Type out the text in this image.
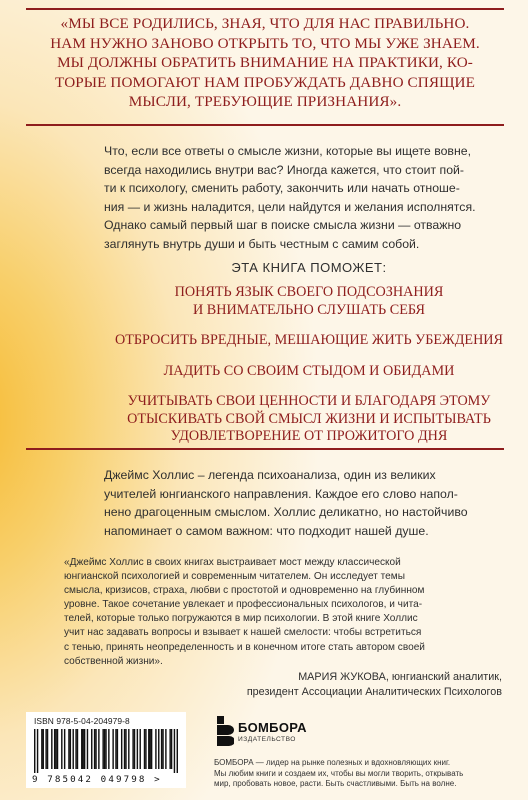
«МЫ ВСЕ РОДИЛИСЬ, ЗНАЯ, ЧТО ДЛЯ НАС ПРАВИЛЬНО.
НАМ НУЖНО ЗАНОВО ОТКРЫТЬ ТО, ЧТО МЫ УЖЕ ЗНАЕМ.
МЫ ДОЛЖНЫ ОБРАТИТЬ ВНИМАНИЕ НА ПРАКТИКИ, КО-
ТОРЫЕ ПОМОГАЮТ НАМ ПРОБУЖДАТЬ ДАВНО СПЯЩИЕ
МЫСЛИ, ТРЕБУЮЩИЕ ПРИЗНАНИЯ».
Что, если все ответы о смысле жизни, которые вы ищете вовне,
всегда находились внутри вас? Иногда кажется, что стоит пой-
ти к психологу, сменить работу, закончить или начать отноше-
ния — и жизнь наладится, цели найдутся и желания исполнятся.
Однако самый первый шаг в поиске смысла жизни — отважно
заглянуть внутрь души и быть честным с самим собой.
ЭТА КНИГА ПОМОЖЕТ:
ПОНЯТЬ ЯЗЫК СВОЕГО ПОДСОЗНАНИЯ
И ВНИМАТЕЛЬНО СЛУШАТЬ СЕБЯ
ОТБРОСИТЬ ВРЕДНЫЕ, МЕШАЮЩИЕ ЖИТЬ УБЕЖДЕНИЯ
ЛАДИТЬ СО СВОИМ СТЫДОМ И ОБИДАМИ
УЧИТЫВАТЬ СВОИ ЦЕННОСТИ И БЛАГОДАРЯ ЭТОМУ
ОТЫСКИВАТЬ СВОЙ СМЫСЛ ЖИЗНИ И ИСПЫТЫВАТЬ
УДОВЛЕТВОРЕНИЕ ОТ ПРОЖИТОГО ДНЯ
Джеймс Холлис – легенда психоанализа, один из великих
учителей юнгианского направления. Каждое его слово напол-
нено драгоценным смыслом. Холлис деликатно, но настойчиво
напоминает о самом важном: что подходит нашей душе.
«Джеймс Холлис в своих книгах выстраивает мост между классической
юнгианской психологией и современным читателем. Он исследует темы
смысла, кризисов, страха, любви с простотой и одновременно на глубинном
уровне. Такое сочетание увлекает и профессиональных психологов, и чита-
телей, которые только погружаются в мир психологии. В этой книге Холлис
учит нас задавать вопросы и взывает к нашей смелости: чтобы встретиться
с тенью, принять неопределенность и в конечном итоге стать автором своей
собственной жизни».
МАРИЯ ЖУКОВА, юнгианский аналитик,
президент Ассоциации Аналитических Психологов
ISBN 978-5-04-204979-8
9 785042 049798 >
БОМБОРА
ИЗДАТЕЛЬСТВО
БОМБОРА — лидер на рынке полезных и вдохновляющих книг.
Мы любим книги и создаем их, чтобы вы могли творить, открывать
мир, пробовать новое, расти. Быть счастливыми. Быть на волне.
